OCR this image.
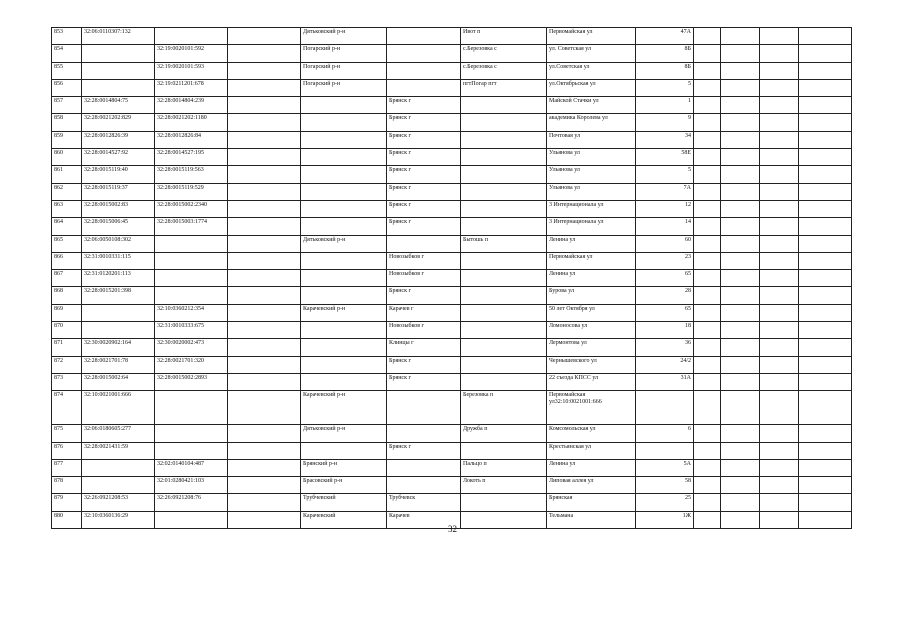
853	32:06:0110307:132			Дятьковский р-н		Ивот п	Первомайская ул	47А				
854		32:19:0020101:592		Погарский р-н		с.Березовка с	ул. Советская ул	8Б				
855		32:19:0020101:593		Погарский р-н		с.Березовка с	ул.Советская ул	8Б				
856		32:19:0211201:678		Погарский р-н		пгтПогар пгт	ул.Октябрьская ул	5				
857	32:28:0014804:75	32:28:0014804:239			Брянск г		Майской Стачки ул	1				
858	32:28:0021202:829	32:28:0021202:1180			Брянск г		академика Королева ул	9				
859	32:28:0012826:39	32:28:0012826:84			Брянск г		Почтовая ул	34				
860	32:28:0014527:92	32:28:0014527:195			Брянск г		Ульянова ул	58Е				
861	32:28:0015119:40	32:28:0015119:563			Брянск г		Ульянова ул	5				
862	32:28:0015119:37	32:28:0015119:529			Брянск г		Ульянова ул	7А				
863	32:28:0015002:83	32:28:0015002:2340			Брянск г		3 Интернационала ул	12				
864	32:28:0015006:45	32:28:0015003:1774			Брянск г		3 Интернационала ул	14				
865	32:06:0050108:302			Дятьковский р-н		Бытошь п	Ленина ул	60				
866	32:31:0010331:115				Новозыбков г		Первомайская ул	23				
867	32:31:0120201:113				Новозыбков г		Ленина ул	65				
868	32:28:0015201:398				Брянск г		Бурова ул	28				
869		32:10:0360212:354		Карачевский р-н	Карачев г		50 лет Октября ул	65				
870		32:31:0010333:675			Новозыбков г		Ломоносова ул	18				
871	32:30:0020902:164	32:30:0020002:473			Клинцы г		Лермонтова ул	36				
872	32:28:0021701:78	32:28:0021701:320			Брянск г		Чернышевского ул	24/2				
873	32:28:0015002:64	32:28:0015002:2893			Брянск г		22 съезда КПСС ул	31А				
874	32:10:0021001:666			Карачевский р-н		Березовка п	Первомайская ул32:10:0021001:666					
875	32:06:0180605:277			Дятьковский р-н		Дружба п	Комсомольская ул	6				
876	32:28:0021431:59				Брянск г		Крестьянская ул					
877		32:02:0140104:487		Брянский р-н		Пальцо п	Ленина ул	5А				
878		32:01:0280421:103		Брасовский р-н		Локоть п	Липовая аллея ул	58				
879	32:26:0921208:53	32:26:0921208:76		Трубчевский	Трубчевск		Брянская	25				
880	32:10:0360136:29			Карачевский	Карачев		Тельмана	1Ж				
32
